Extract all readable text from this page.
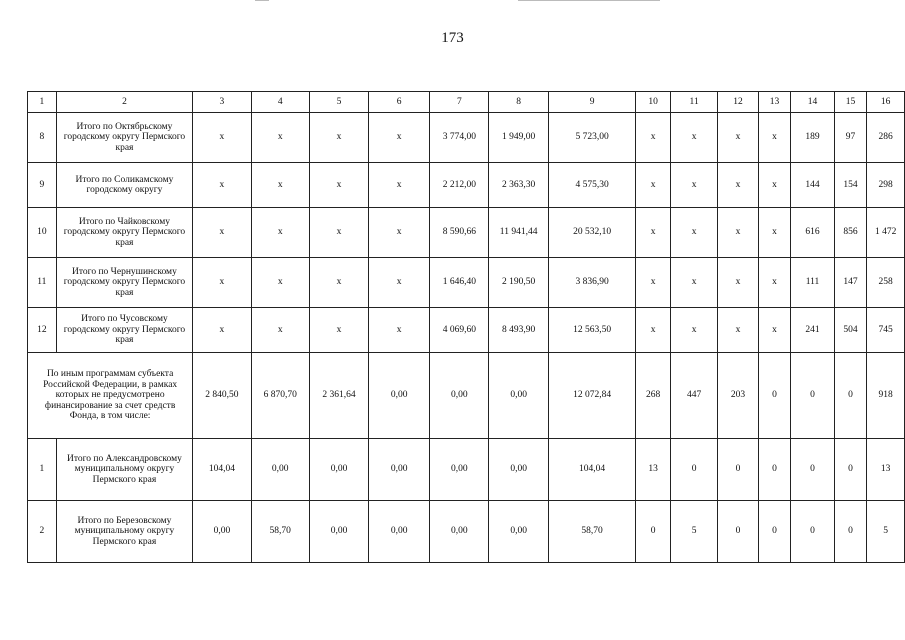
173
1	2	3	4	5	6	7	8	9	10	11	12	13	14	15	16
8	Итого по Октябрьскому городскому округу Пермского края	x	x	x	x	3 774,00	1 949,00	5 723,00	x	x	x	x	189	97	286
9	Итого по Соликамскому городскому округу	x	x	x	x	2 212,00	2 363,30	4 575,30	x	x	x	x	144	154	298
10	Итого по Чайковскому городскому округу Пермского края	x	x	x	x	8 590,66	11 941,44	20 532,10	x	x	x	x	616	856	1 472
11	Итого по Чернушинскому городскому округу Пермского края	x	x	x	x	1 646,40	2 190,50	3 836,90	x	x	x	x	111	147	258
12	Итого по Чусовскому городскому округу Пермского края	x	x	x	x	4 069,60	8 493,90	12 563,50	x	x	x	x	241	504	745
По иным программам субъекта Российской Федерации, в рамках которых не предусмотрено финансирование за счет средств Фонда, в том числе:		2 840,50	6 870,70	2 361,64	0,00	0,00	0,00	12 072,84	268	447	203	0	0	0	918
1	Итого по Александровскому муниципальному округу Пермского края	104,04	0,00	0,00	0,00	0,00	0,00	104,04	13	0	0	0	0	0	13
2	Итого по Березовскому муниципальному округу Пермского края	0,00	58,70	0,00	0,00	0,00	0,00	58,70	0	5	0	0	0	0	5
